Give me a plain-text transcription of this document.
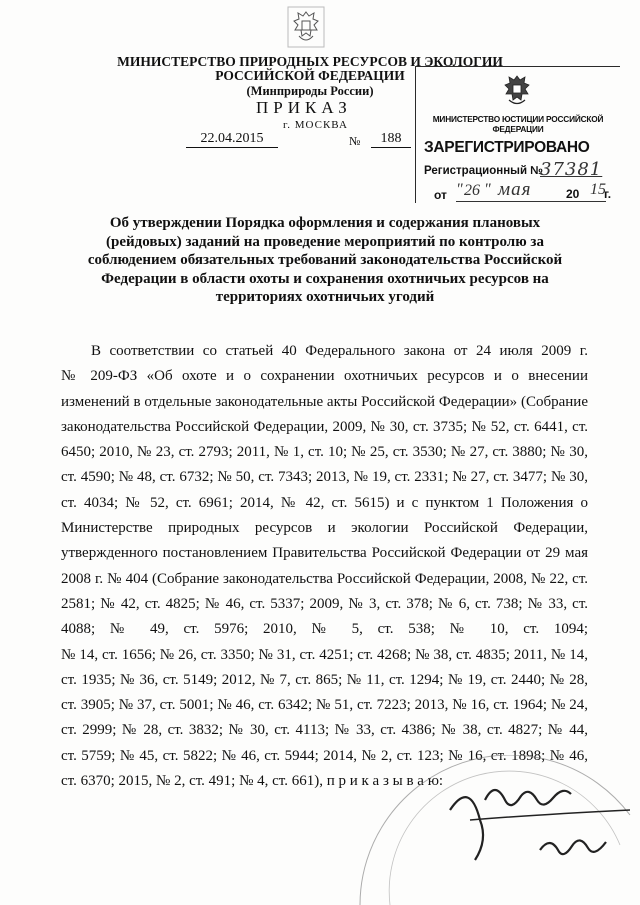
МИНИСТЕРСТВО ПРИРОДНЫХ РЕСУРСОВ И ЭКОЛОГИИ
РОССИЙСКОЙ ФЕДЕРАЦИИ
(Минприроды России)
ПРИКАЗ
г. МОСКВА
22.04.2015	№	188
МИНИСТЕРСТВО ЮСТИЦИИ РОССИЙСКОЙ ФЕДЕРАЦИИ
ЗАРЕГИСТРИРОВАНО
Регистрационный №
37381
от " 26 " мая	20 15
г.
Об утверждении Порядка оформления и содержания плановых (рейдовых) заданий на проведение мероприятий по контролю за соблюдением обязательных требований законодательства Российской Федерации в области охоты и сохранения охотничьих ресурсов на территориях охотничьих угодий
В соответствии со статьей 40 Федерального закона от 24 июля 2009 г.
№ 209-ФЗ «Об охоте и о сохранении охотничьих ресурсов и о внесении
изменений в отдельные законодательные акты Российской Федерации» (Собрание
законодательства Российской Федерации, 2009, № 30, ст. 3735; № 52, ст. 6441, ст.
6450; 2010, № 23, ст. 2793; 2011, № 1, ст. 10; № 25, ст. 3530; № 27, ст. 3880; № 30,
ст. 4590; № 48, ст. 6732; № 50, ст. 7343; 2013, № 19, ст. 2331; № 27, ст. 3477; № 30,
ст. 4034; № 52, ст. 6961; 2014, № 42, ст. 5615) и с пунктом 1 Положения о
Министерстве природных ресурсов и экологии Российской Федерации,
утвержденного постановлением Правительства Российской Федерации от 29 мая
2008 г. № 404 (Собрание законодательства Российской Федерации, 2008, № 22, ст.
2581; № 42, ст. 4825; № 46, ст. 5337; 2009, № 3, ст. 378; № 6, ст. 738; № 33, ст.
4088; № 49, ст. 5976; 2010, № 5, ст. 538; № 10, ст. 1094;
№ 14, ст. 1656; № 26, ст. 3350; № 31, ст. 4251; ст. 4268; № 38, ст. 4835; 2011, № 14,
ст. 1935; № 36, ст. 5149; 2012, № 7, ст. 865; № 11, ст. 1294; № 19, ст. 2440; № 28,
ст. 3905; № 37, ст. 5001; № 46, ст. 6342; № 51, ст. 7223; 2013, № 16, ст. 1964; № 24,
ст. 2999; № 28, ст. 3832; № 30, ст. 4113; № 33, ст. 4386; № 38, ст. 4827; № 44,
ст. 5759; № 45, ст. 5822; № 46, ст. 5944; 2014, № 2, ст. 123; № 16, ст. 1898; № 46,
ст. 6370; 2015, № 2, ст. 491; № 4, ст. 661), п р и к а з ы в а ю:
